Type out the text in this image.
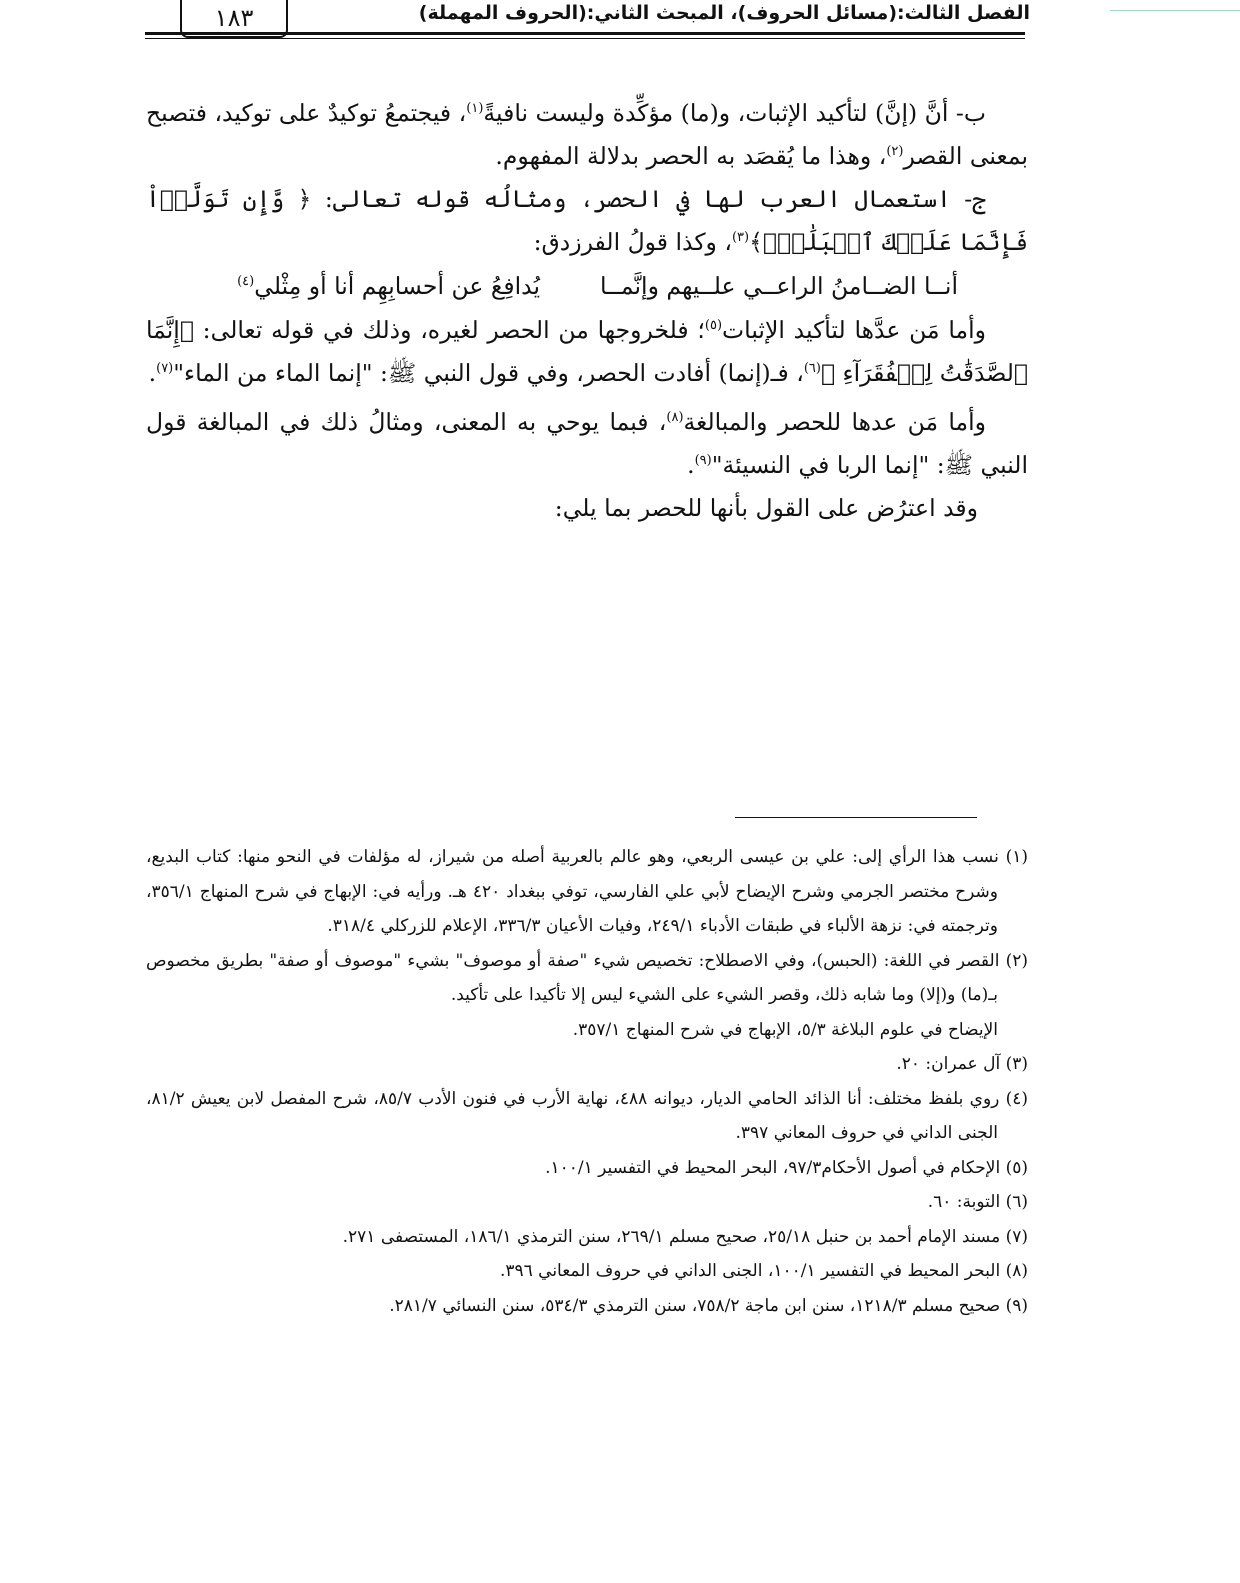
الفصل الثالث:(مسائل الحروف)، المبحث الثاني:(الحروف المهملة)
١٨٣

ب- أنَّ (إنَّ) لتأكيد الإثبات، و(ما) مؤكِّدة وليست نافيةً$^{(١)}$، فيجتمعُ توكيدٌ على توكيد، فتصبح بمعنى القصر$^{(٢)}$، وهذا ما يُقصَد به الحصر بدلالة المفهوم.

ج- استعمال العرب لها في الحصر، ومثالُه قوله تعالى: ﴿ وَّإِن تَوَلَّوۡاْ فَإِنَّمَا عَلَيۡكَ ٱلۡبَلَٰغُۗ﴾$^{(٣)}$، وكذا قولُ الفرزدق:

أنــا الضــامنُ الراعــي علــيهم وإنَّمــا
يُدافِعُ عن أحسابِهِم أنا أو مِثْلي$^{(٤)}$

وأما مَن عدَّها لتأكيد الإثبات$^{(٥)}$؛ فلخروجها من الحصر لغيره، وذلك في قوله تعالى: ﴿إِنَّمَا ٱلصَّدَقَٰتُ لِلۡفُقَرَآءِ ﴾$^{(٦)}$، فـ(إنما) أفادت الحصر، وفي قول النبي ﷺ: "إنما الماء من الماء"$^{(٧)}$.

وأما مَن عدها للحصر والمبالغة$^{(٨)}$، فبما يوحي به المعنى، ومثالُ ذلك في المبالغة قول النبي ﷺ: "إنما الربا في النسيئة"$^{(٩)}$.

وقد اعترُض على القول بأنها للحصر بما يلي:

(١) نسب هذا الرأي إلى: علي بن عيسى الربعي، وهو عالم بالعربية أصله من شيراز، له مؤلفات في النحو منها: كتاب البديع، وشرح مختصر الجرمي وشرح الإيضاح لأبي علي الفارسي، توفي ببغداد ٤٢٠ هـ. ورأيه في: الإبهاج في شرح المنهاج ٣٥٦/١، وترجمته في: نزهة الألباء في طبقات الأدباء ٢٤٩/١، وفيات الأعيان ٣٣٦/٣، الإعلام للزركلي ٣١٨/٤.

(٢) القصر في اللغة: (الحبس)، وفي الاصطلاح: تخصيص شيء "صفة أو موصوف" بشيء "موصوف أو صفة" بطريق مخصوص بـ(ما) و(إلا) وما شابه ذلك، وقصر الشيء على الشيء ليس إلا تأكيدا على تأكيد.

الإيضاح في علوم البلاغة ٥/٣، الإبهاج في شرح المنهاج ٣٥٧/١.

(٣) آل عمران: ٢٠.

(٤) روي بلفظ مختلف: أنا الذائد الحامي الديار، ديوانه ٤٨٨، نهاية الأرب في فنون الأدب ٨٥/٧، شرح المفصل لابن يعيش ٨١/٢، الجنى الداني في حروف المعاني ٣٩٧.

(٥) الإحكام في أصول الأحكام٩٧/٣، البحر المحيط في التفسير ١٠٠/١.

(٦) التوبة: ٦٠.

(٧) مسند الإمام أحمد بن حنبل ٢٥/١٨، صحيح مسلم ٢٦٩/١، سنن الترمذي ١٨٦/١، المستصفى ٢٧١.

(٨) البحر المحيط في التفسير ١٠٠/١، الجنى الداني في حروف المعاني ٣٩٦.

(٩) صحيح مسلم ١٢١٨/٣، سنن ابن ماجة ٧٥٨/٢، سنن الترمذي ٥٣٤/٣، سنن النسائي ٢٨١/٧.
